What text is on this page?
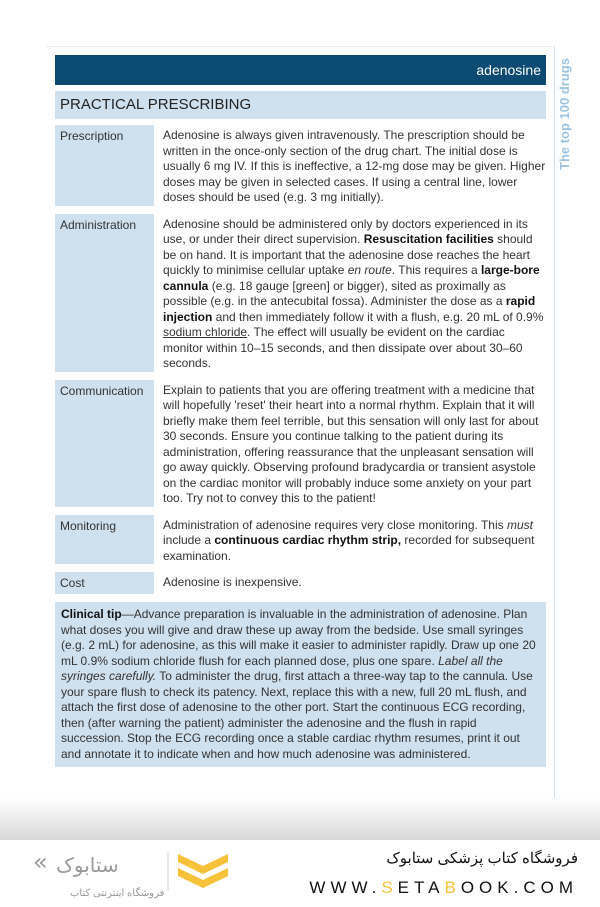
adenosine
PRACTICAL PRESCRIBING	The top 100 drugs
Prescription	Adenosine is always given intravenously. The prescription should be written in the once-only section of the drug chart. The initial dose is usually 6 mg IV. If this is ineffective, a 12-mg dose may be given. Higher doses may be given in selected cases. If using a central line, lower doses should be used (e.g. 3 mg initially).
Administration	Adenosine should be administered only by doctors experienced in its use, or under their direct supervision. Resuscitation facilities should be on hand. It is important that the adenosine dose reaches the heart quickly to minimise cellular uptake en route. This requires a large-bore cannula (e.g. 18 gauge [green] or bigger), sited as proximally as possible (e.g. in the antecubital fossa). Administer the dose as a rapid injection and then immediately follow it with a flush, e.g. 20 mL of 0.9% sodium chloride. The effect will usually be evident on the cardiac monitor within 10–15 seconds, and then dissipate over about 30–60 seconds.
Communication	Explain to patients that you are offering treatment with a medicine that will hopefully 'reset' their heart into a normal rhythm. Explain that it will briefly make them feel terrible, but this sensation will only last for about 30 seconds. Ensure you continue talking to the patient during its administration, offering reassurance that the unpleasant sensation will go away quickly. Observing profound bradycardia or transient asystole on the cardiac monitor will probably induce some anxiety on your part too. Try not to convey this to the patient!
Monitoring	Administration of adenosine requires very close monitoring. This must include a continuous cardiac rhythm strip, recorded for subsequent examination.
Cost	Adenosine is inexpensive.
Clinical tip—Advance preparation is invaluable in the administration of adenosine. Plan what doses you will give and draw these up away from the bedside. Use small syringes (e.g. 2 mL) for adenosine, as this will make it easier to administer rapidly. Draw up one 20 mL 0.9% sodium chloride flush for each planned dose, plus one spare. Label all the syringes carefully. To administer the drug, first attach a three-way tap to the cannula. Use your spare flush to check its patency. Next, replace this with a new, full 20 mL flush, and attach the first dose of adenosine to the other port. Start the continuous ECG recording, then (after warning the patient) administer the adenosine and the flush in rapid succession. Stop the ECG recording once a stable cardiac rhythm resumes, print it out and annotate it to indicate when and how much adenosine was administered.
« ستابوک
فروشگاه اینترنتی کتاب
فروشگاه کتاب پزشکی ستابوک
WWW.SETABOOK.COM
